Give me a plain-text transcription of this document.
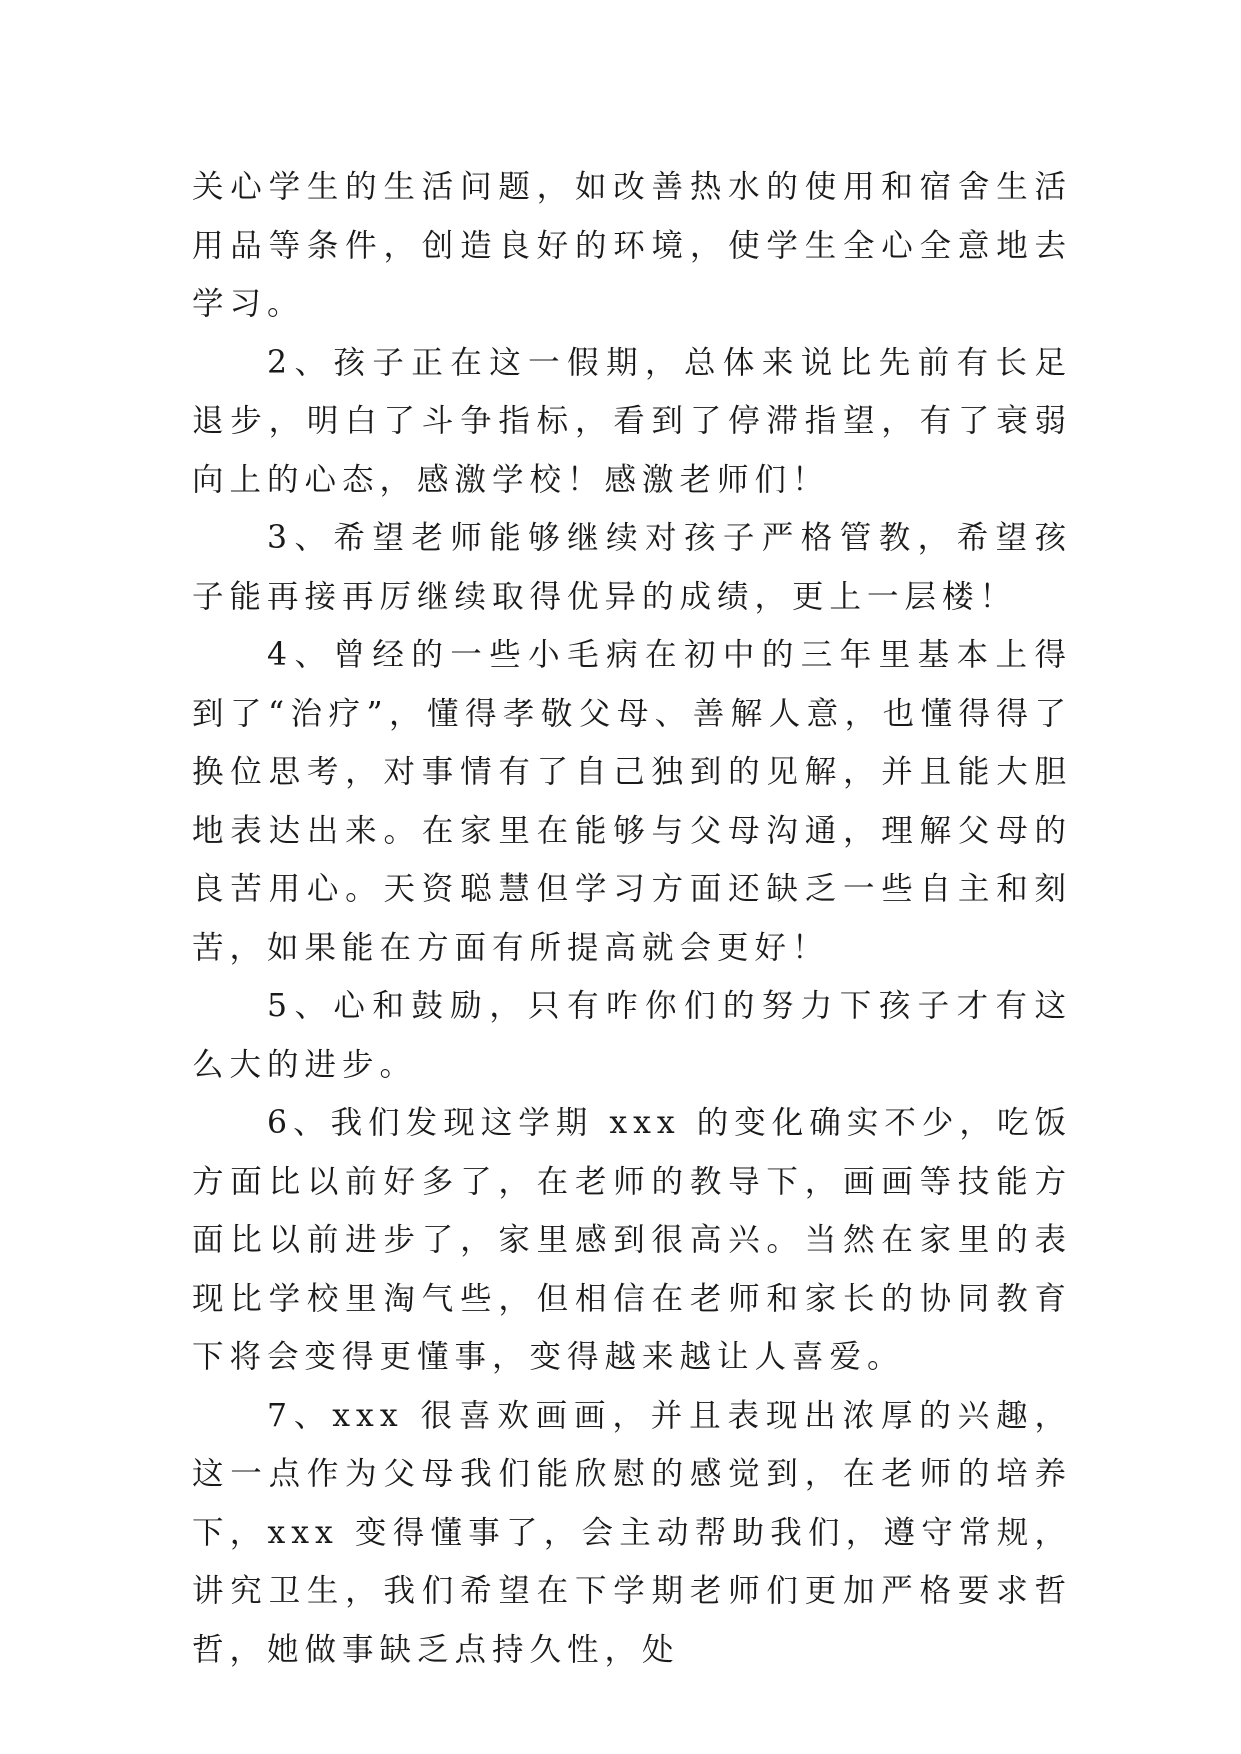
关心学生的生活问题，如改善热水的使用和宿舍生活用品等条件，创造良好的环境，使学生全心全意地去学习。

2、孩子正在这一假期，总体来说比先前有长足退步，明白了斗争指标，看到了停滞指望，有了衰弱向上的心态，感激学校！感激老师们！

3、希望老师能够继续对孩子严格管教，希望孩子能再接再厉继续取得优异的成绩，更上一层楼！

4、曾经的一些小毛病在初中的三年里基本上得到了“治疗”，懂得孝敬父母、善解人意，也懂得得了换位思考，对事情有了自己独到的见解，并且能大胆地表达出来。在家里在能够与父母沟通，理解父母的良苦用心。天资聪慧但学习方面还缺乏一些自主和刻苦，如果能在方面有所提高就会更好！

5、心和鼓励，只有咋你们的努力下孩子才有这么大的进步。

6、我们发现这学期 xxx 的变化确实不少，吃饭方面比以前好多了，在老师的教导下，画画等技能方面比以前进步了，家里感到很高兴。当然在家里的表现比学校里淘气些，但相信在老师和家长的协同教育下将会变得更懂事，变得越来越让人喜爱。

7、xxx 很喜欢画画，并且表现出浓厚的兴趣，这一点作为父母我们能欣慰的感觉到，在老师的培养下，xxx 变得懂事了，会主动帮助我们，遵守常规，讲究卫生，我们希望在下学期老师们更加严格要求哲哲，她做事缺乏点持久性，处
